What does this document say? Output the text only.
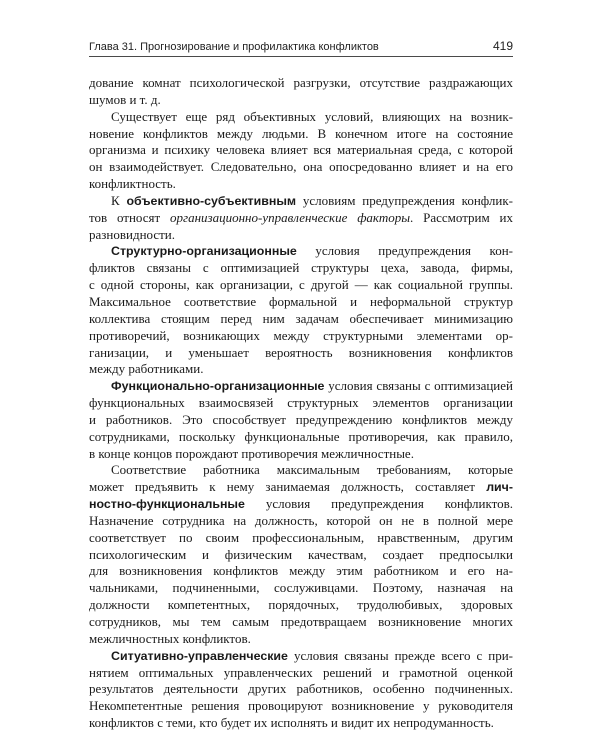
Глава 31. Прогнозирование и профилактика конфликтов	419

дование комнат психологической разгрузки, отсутствие раздражающих
шумов и т. д.

Существует еще ряд объективных условий, влияющих на возник-
новение конфликтов между людьми. В конечном итоге на состояние
организма и психику человека влияет вся материальная среда, с которой
он взаимодействует. Следовательно, она опосредованно влияет и на его
конфликтность.

К объективно-субъективным условиям предупреждения конфлик-
тов относят организационно-управленческие факторы. Рассмотрим их
разновидности.

Структурно-организационные условия предупреждения кон-
фликтов связаны с оптимизацией структуры цеха, завода, фирмы,
с одной стороны, как организации, с другой — как социальной группы.
Максимальное соответствие формальной и неформальной структур
коллектива стоящим перед ним задачам обеспечивает минимизацию
противоречий, возникающих между структурными элементами ор-
ганизации, и уменьшает вероятность возникновения конфликтов
между работниками.

Функционально-организационные условия связаны с оптимизацией
функциональных взаимосвязей структурных элементов организации
и работников. Это способствует предупреждению конфликтов между
сотрудниками, поскольку функциональные противоречия, как правило,
в конце концов порождают противоречия межличностные.

Соответствие работника максимальным требованиям, которые
может предъявить к нему занимаемая должность, составляет лич-
ностно-функциональные условия предупреждения конфликтов.
Назначение сотрудника на должность, которой он не в полной мере
соответствует по своим профессиональным, нравственным, другим
психологическим и физическим качествам, создает предпосылки
для возникновения конфликтов между этим работником и его на-
чальниками, подчиненными, сослуживцами. Поэтому, назначая на
должности компетентных, порядочных, трудолюбивых, здоровых
сотрудников, мы тем самым предотвращаем возникновение многих
межличностных конфликтов.

Ситуативно-управленческие условия связаны прежде всего с при-
нятием оптимальных управленческих решений и грамотной оценкой
результатов деятельности других работников, особенно подчиненных.
Некомпетентные решения провоцируют возникновение у руководителя
конфликтов с теми, кто будет их исполнять и видит их непродуманность.
